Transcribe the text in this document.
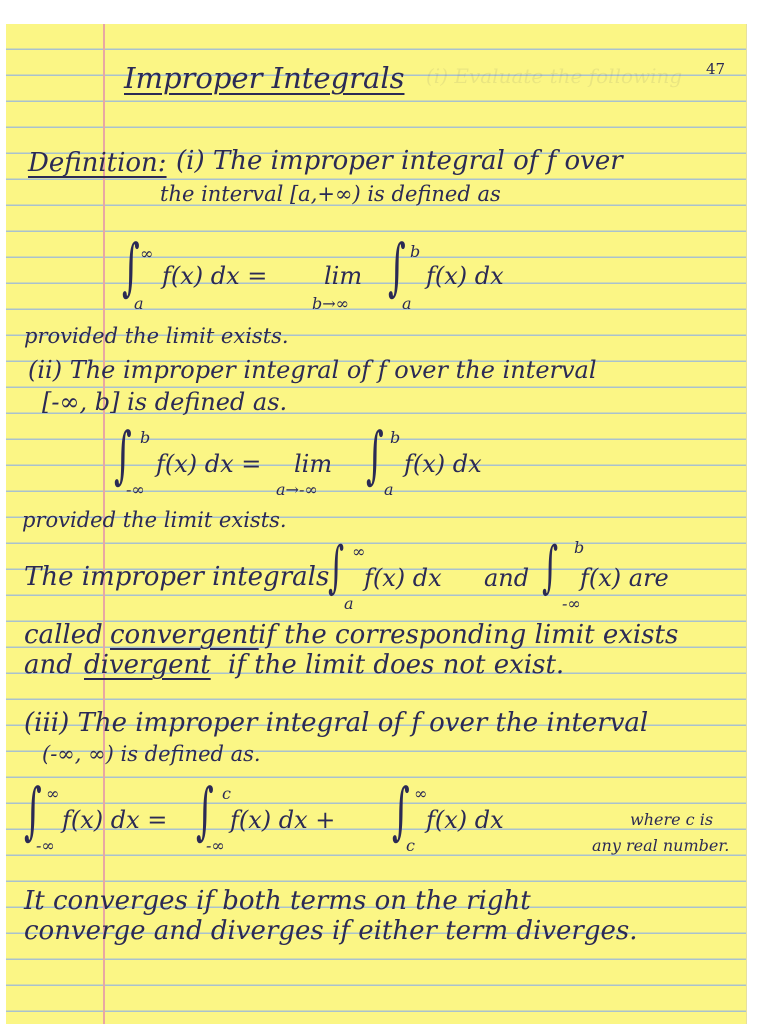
(i) Evaluate the following 47
Improper Integrals
Definition: (i) The improper integral of f over
the interval [a,+∞) is defined as
∫ ∞
a
f(x) dx = lim
b→∞
∫ b
a
f(x) dx
provided the limit exists.
(ii) The improper integral of f over the interval
[-∞, b] is defined as.
∫ b
-∞
f(x) dx = lim
a→-∞ ∫ b
a
f(x) dx
provided the limit exists.
The improper integrals
∫ ∞
a
f(x) dx and ∫ b
-∞
f(x) are
called convergent if the corresponding limit exists
and divergent if the limit does not exist.
(iii) The improper integral of f over the interval
(-∞, ∞) is defined as.
∫ ∞
-∞
f(x) dx = ∫ c
-∞
f(x) dx + ∫ ∞
c
f(x) dx	where c is
any real number.
It converges if both terms on the right
converge and diverges if either term diverges.
